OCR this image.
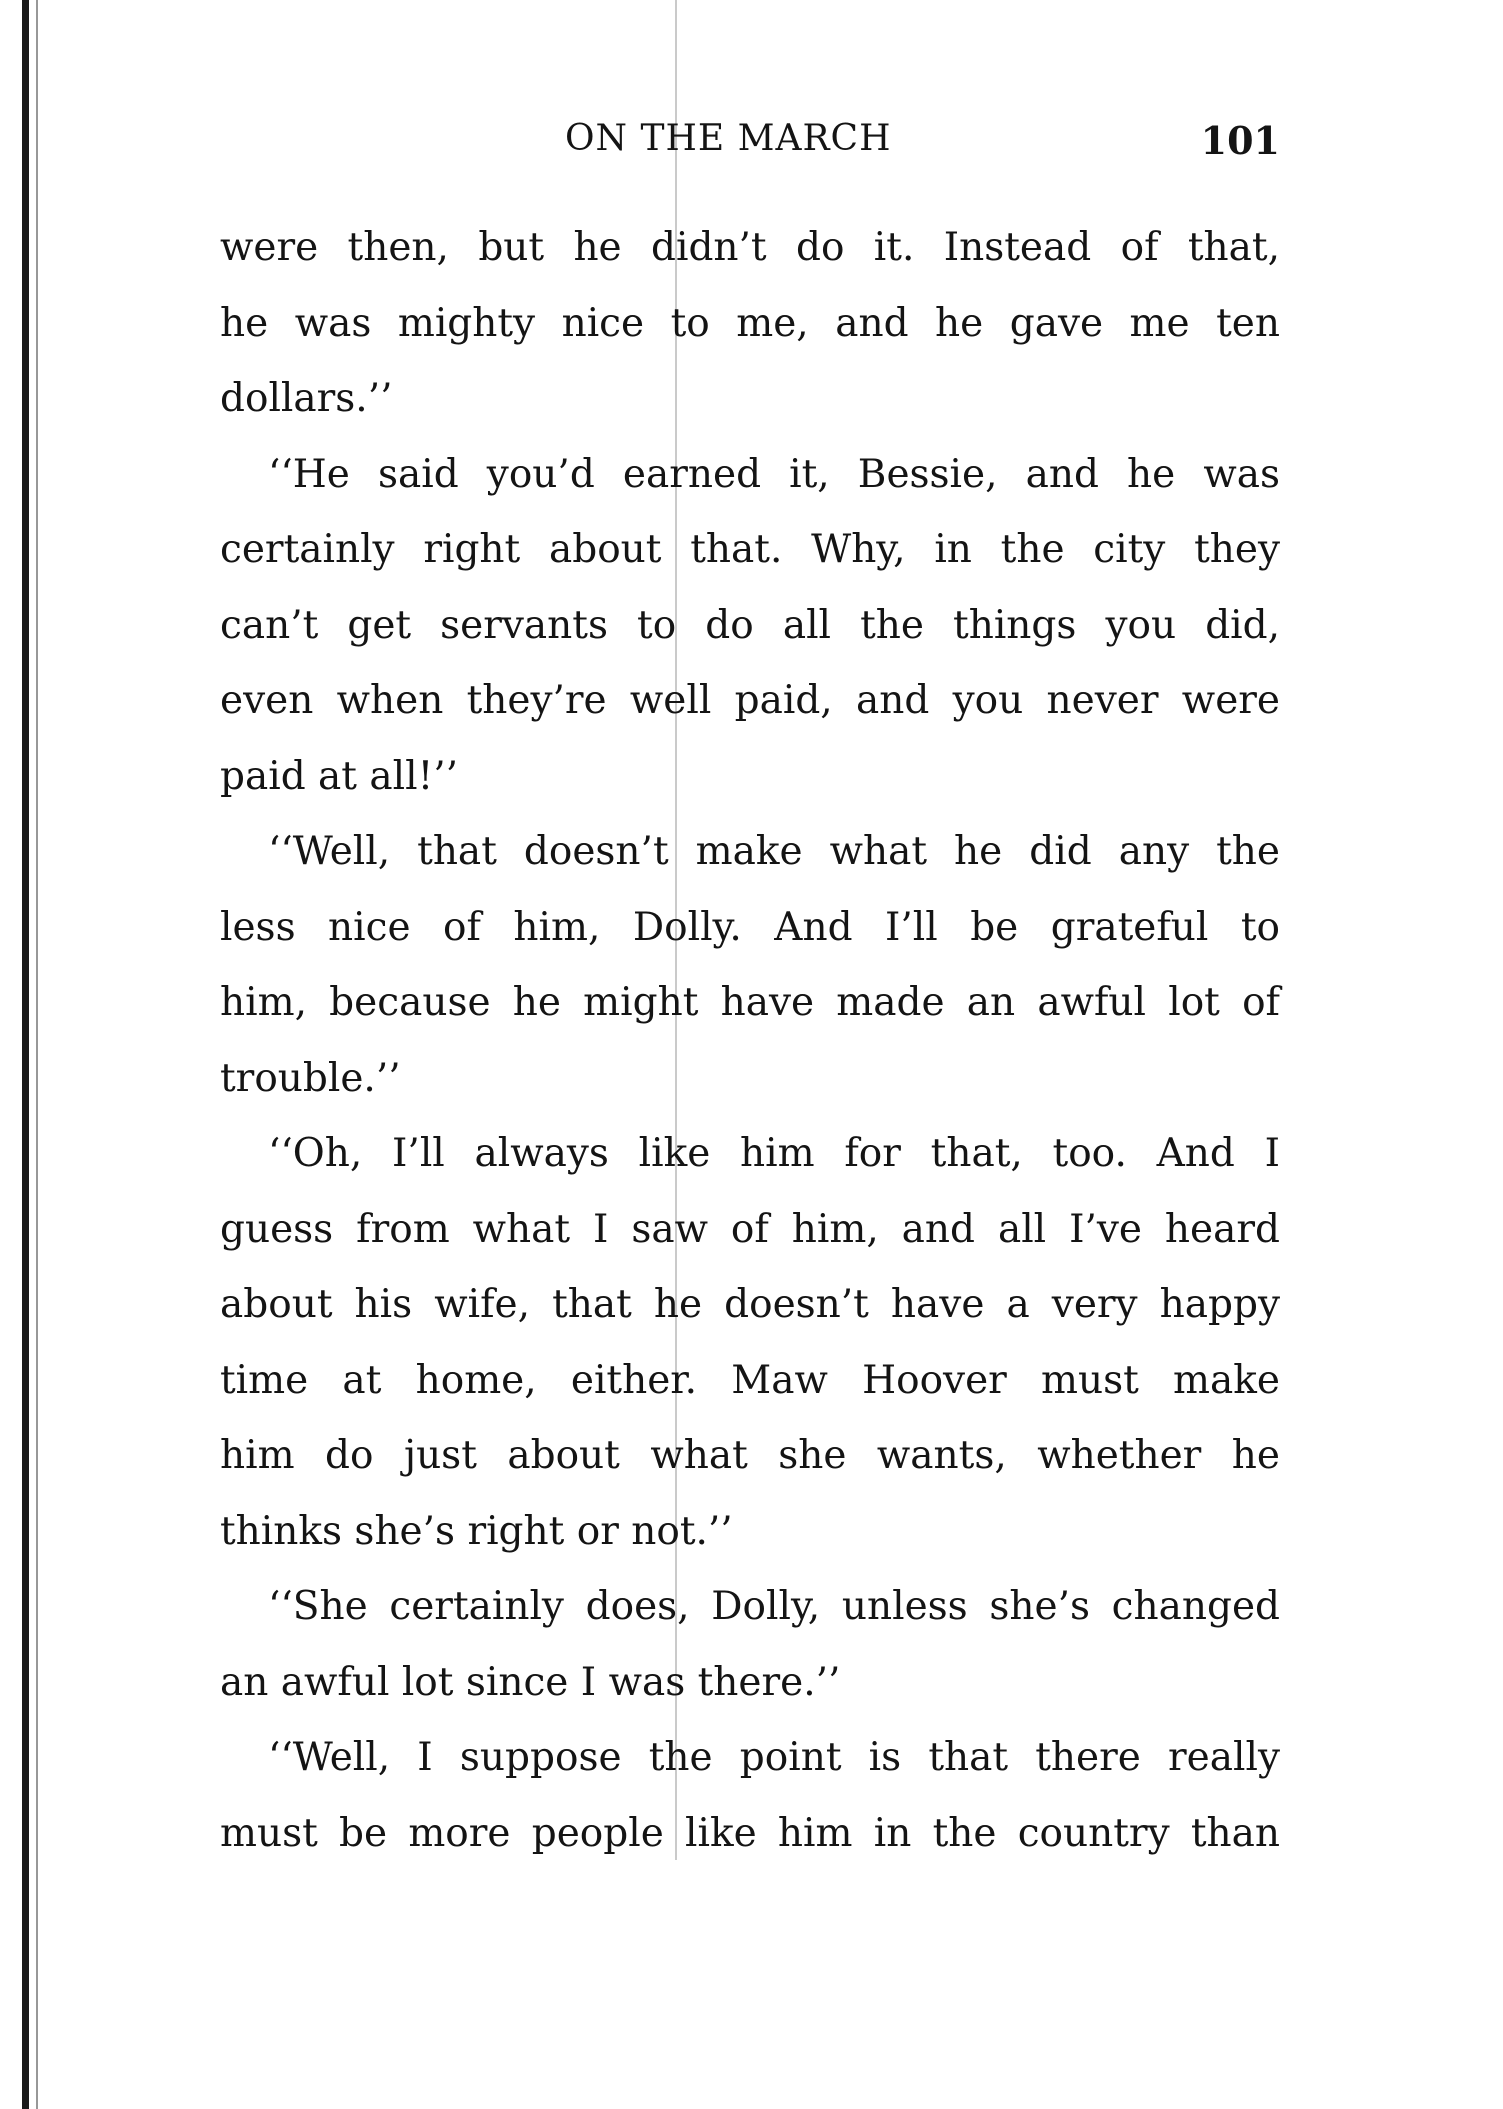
ON THE MARCH	101
were then, but he didn’t do it. Instead of that,
he was mighty nice to me, and he gave me ten
dollars.’’
‘‘He said you’d earned it, Bessie, and he was
certainly right about that. Why, in the city they
can’t get servants to do all the things you did,
even when they’re well paid, and you never were
paid at all!’’
‘‘Well, that doesn’t make what he did any the
less nice of him, Dolly. And I’ll be grateful to
him, because he might have made an awful lot of
trouble.’’
‘‘Oh, I’ll always like him for that, too. And I
guess from what I saw of him, and all I’ve heard
about his wife, that he doesn’t have a very happy
time at home, either. Maw Hoover must make
him do just about what she wants, whether he
thinks she’s right or not.’’
‘‘She certainly does, Dolly, unless she’s changed
an awful lot since I was there.’’
‘‘Well, I suppose the point is that there really
must be more people like him in the country than
